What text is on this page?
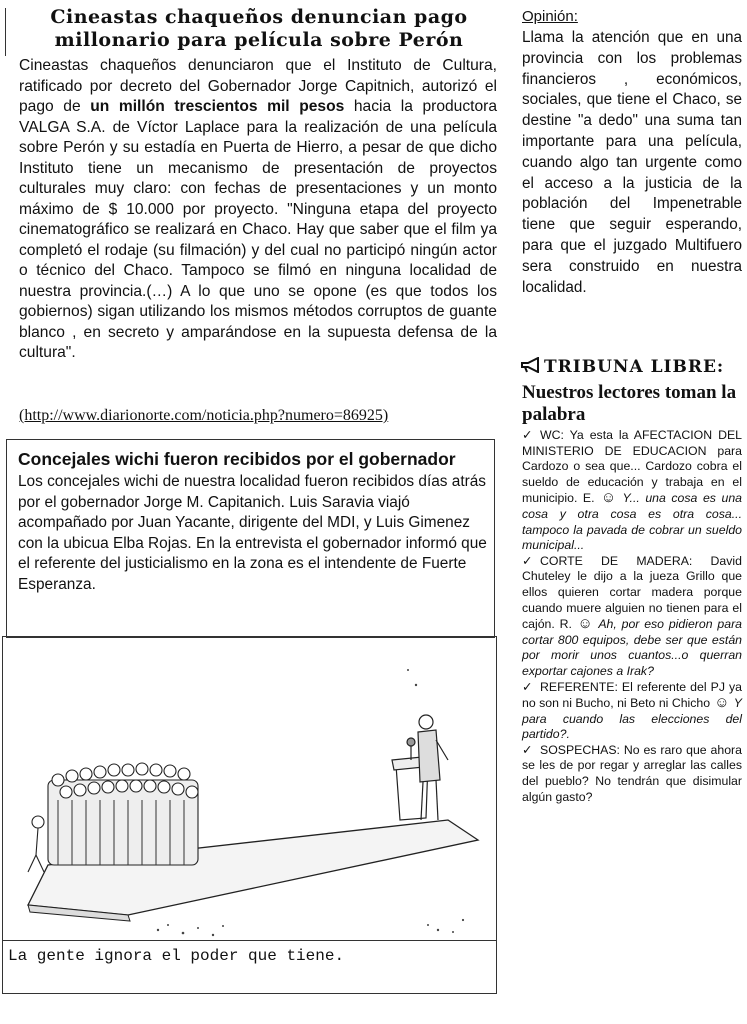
Cineastas chaqueños denuncian pago millonario para película sobre Perón
Cineastas chaqueños denunciaron que el Instituto de Cultura, ratificado por decreto del Gobernador Jorge Capitnich, autorizó el pago de un millón trescientos mil pesos hacia la productora VALGA S.A. de Víctor Laplace para la realización de una película sobre Perón y su estadía en Puerta de Hierro, a pesar de que dicho Instituto tiene un mecanismo de presentación de proyectos culturales muy claro: con fechas de presentaciones y un monto máximo de $ 10.000 por proyecto. "Ninguna etapa del proyecto cinematográfico se realizará en Chaco. Hay que saber que el film ya completó el rodaje (su filmación) y del cual no participó ningún actor o técnico del Chaco. Tampoco se filmó en ninguna localidad de nuestra provincia.(…) A lo que uno se opone (es que todos los gobiernos) sigan utilizando los mismos métodos corruptos de guante blanco , en secreto y amparándose en la supuesta defensa de la cultura".
(http://www.diarionorte.com/noticia.php?numero=86925)
Concejales wichi fueron recibidos por el gobernador
Los concejales wichi de nuestra localidad fueron recibidos días atrás por el gobernador Jorge M. Capitanich. Luis Saravia viajó acompañado por Juan Yacante, dirigente del MDI, y Luis Gimenez con la ubicua Elba Rojas. En la entrevista el gobernador informó que el referente del justicialismo en la zona es el intendente de Fuerte Esperanza.
La gente ignora el poder que tiene.
Opinión:
Llama la atención que en una provincia con los problemas financieros , económicos, sociales, que tiene el Chaco, se destine "a dedo" una suma tan importante para una película, cuando algo tan urgente como el acceso a la justicia de la población del Impenetrable tiene que seguir esperando, para que el juzgado Multifuero sera construido en nuestra localidad.
TRIBUNA LIBRE:
Nuestros lectores toman la palabra
✓ WC: Ya esta la AFECTACION DEL MINISTERIO DE EDUCACION para Cardozo o sea que... Cardozo cobra el sueldo de educación y trabaja en el municipio. E. ☺ Y... una cosa es una cosa y otra cosa es otra cosa... tampoco la pavada de cobrar un sueldo municipal...
✓ CORTE DE MADERA: David Chuteley le dijo a la jueza Grillo que ellos quieren cortar madera porque cuando muere alguien no tienen para el cajón. R. ☺ Ah, por eso pidieron para cortar 800 equipos, debe ser que están por morir unos cuantos...o querran exportar cajones a Irak?
✓ REFERENTE: El referente del PJ ya no son ni Bucho, ni Beto ni Chicho ☺ Y para cuando las elecciones del partido?.
✓ SOSPECHAS: No es raro que ahora se les de por regar y arreglar las calles del pueblo? No tendrán que disimular algún gasto?
